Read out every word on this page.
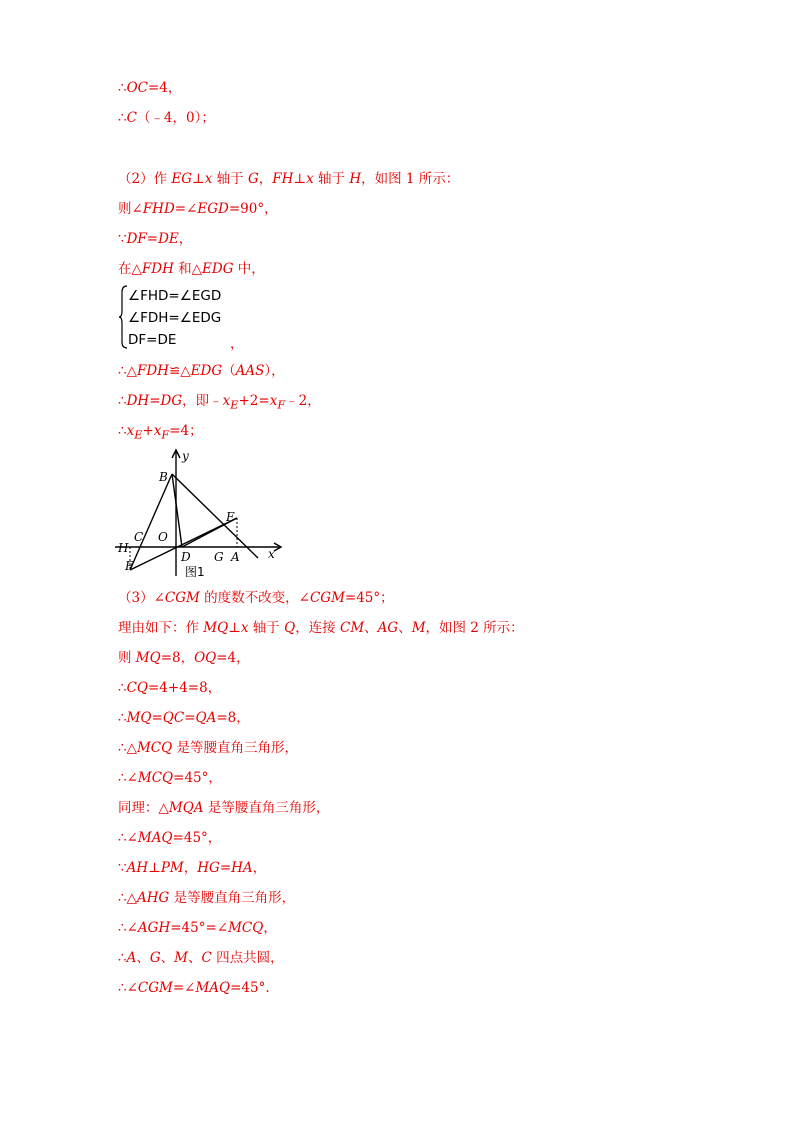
∴OC=4，
∴C（﹣4，0）；
（2）作 EG⊥x 轴于 G，FH⊥x 轴于 H，如图 1 所示：
则∠FHD=∠EGD=90°，
∵DF=DE，
在△FDH 和△EDG 中，
∠FHD=∠EGD
∠FDH=∠EDG
DF=DE	，
∴△FDH≌△EDG（AAS），
∴DH=DG，即$﹣x_E+2=x_F﹣2$，
$\therefore x_E+x_F=4$；
B
y
E
C O
H
D G A x
F	图1
（3）∠CGM 的度数不改变，∠CGM=45°；
理由如下：作 MQ⊥x 轴于 Q，连接 CM、AG、M，如图 2 所示：
则 MQ=8，OQ=4，
∴CQ=4+4=8，
∴MQ=QC=QA=8，
∴△MCQ 是等腰直角三角形，
∴∠MCQ=45°，
同理：△MQA 是等腰直角三角形，
∴∠MAQ=45°，
∵AH⊥PM，HG=HA，
∴△AHG 是等腰直角三角形，
∴∠AGH=45°=∠MCQ，
∴A、G、M、C 四点共圆，
∴∠CGM=∠MAQ=45°.
